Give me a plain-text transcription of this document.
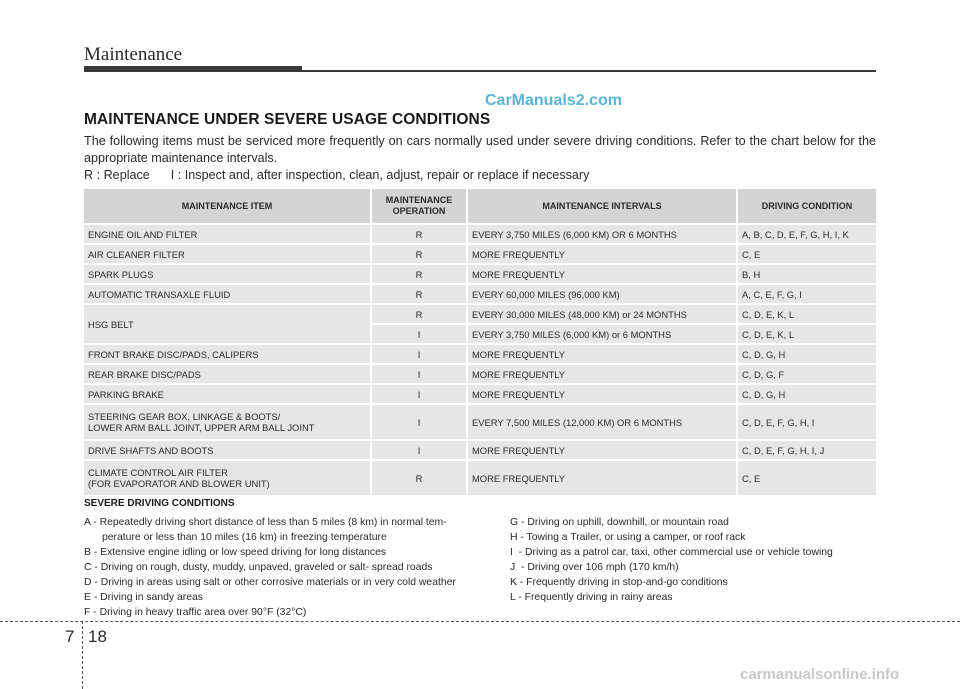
Maintenance
CarManuals2.com
MAINTENANCE UNDER SEVERE USAGE CONDITIONS
The following items must be serviced more frequently on cars normally used under severe driving conditions. Refer to the chart below for the appropriate maintenance intervals.
R : Replace      I : Inspect and, after inspection, clean, adjust, repair or replace if necessary
MAINTENANCE ITEM	MAINTENANCE OPERATION	MAINTENANCE INTERVALS	DRIVING CONDITION
ENGINE OIL AND FILTER	R	EVERY 3,750 MILES (6,000 KM) OR 6 MONTHS	A, B, C, D, E, F, G, H, I, K
AIR CLEANER FILTER	R	MORE FREQUENTLY	C, E
SPARK PLUGS	R	MORE FREQUENTLY	B, H
AUTOMATIC TRANSAXLE FLUID	R	EVERY 60,000 MILES (96,000 KM)	A, C, E, F, G, I
HSG BELT	R	EVERY 30,000 MILES (48,000 KM) or 24 MONTHS	C, D, E, K, L
	I	EVERY 3,750 MILES (6,000 KM) or 6 MONTHS	C, D, E, K, L
FRONT BRAKE DISC/PADS, CALIPERS	I	MORE FREQUENTLY	C, D, G, H
REAR BRAKE DISC/PADS	I	MORE FREQUENTLY	C, D, G, F
PARKING BRAKE	I	MORE FREQUENTLY	C, D, G, H
STEERING GEAR BOX, LINKAGE & BOOTS/
LOWER ARM BALL JOINT, UPPER ARM BALL JOINT	I	EVERY 7,500 MILES (12,000 KM) OR 6 MONTHS	C, D, E, F, G, H, I
DRIVE SHAFTS AND BOOTS	I	MORE FREQUENTLY	C, D, E, F, G, H, I, J
CLIMATE CONTROL AIR FILTER
(FOR EVAPORATOR AND BLOWER UNIT)	R	MORE FREQUENTLY	C, E
SEVERE DRIVING CONDITIONS
A - Repeatedly driving short distance of less than 5 miles (8 km) in normal tem-
perature or less than 10 miles (16 km) in freezing temperature
B - Extensive engine idling or low speed driving for long distances
C - Driving on rough, dusty, muddy, unpaved, graveled or salt- spread roads
D - Driving in areas using salt or other corrosive materials or in very cold weather
E - Driving in sandy areas
F - Driving in heavy traffic area over 90°F (32°C)
G - Driving on uphill, downhill, or mountain road
H - Towing a Trailer, or using a camper, or roof rack
I  - Driving as a patrol car, taxi, other commercial use or vehicle towing
J  - Driving over 106 mph (170 km/h)
K - Frequently driving in stop-and-go conditions
L - Frequently driving in rainy areas
7 18
carmanualsonline.info
